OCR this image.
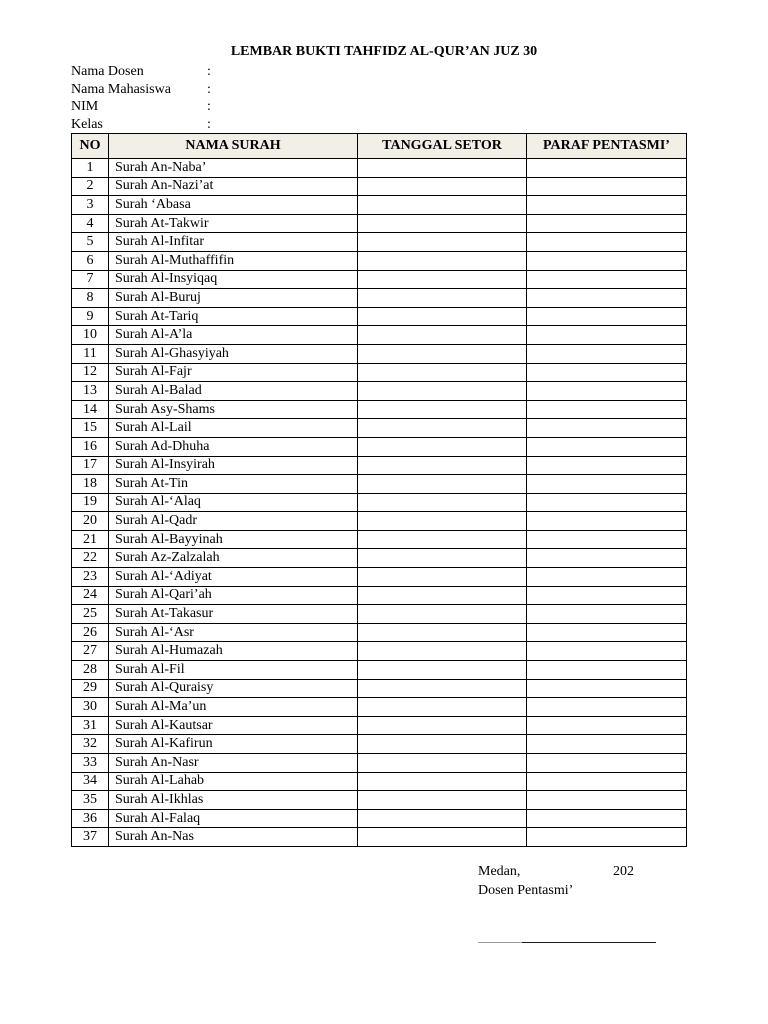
LEMBAR BUKTI TAHFIDZ AL-QUR’AN JUZ 30
Nama Dosen	:
Nama Mahasiswa	:
NIM	:
Kelas	:
NO	NAMA SURAH	TANGGAL SETOR	PARAF PENTASMI’
1	Surah An-Naba’		
2	Surah An-Nazi’at		
3	Surah ‘Abasa		
4	Surah At-Takwir		
5	Surah Al-Infitar		
6	Surah Al-Muthaffifin		
7	Surah Al-Insyiqaq		
8	Surah Al-Buruj		
9	Surah At-Tariq		
10	Surah Al-A’la		
11	Surah Al-Ghasyiyah		
12	Surah Al-Fajr		
13	Surah Al-Balad		
14	Surah Asy-Shams		
15	Surah Al-Lail		
16	Surah Ad-Dhuha		
17	Surah Al-Insyirah		
18	Surah At-Tin		
19	Surah Al-‘Alaq		
20	Surah Al-Qadr		
21	Surah Al-Bayyinah		
22	Surah Az-Zalzalah		
23	Surah Al-‘Adiyat		
24	Surah Al-Qari’ah		
25	Surah At-Takasur		
26	Surah Al-‘Asr		
27	Surah Al-Humazah		
28	Surah Al-Fil		
29	Surah Al-Quraisy		
30	Surah Al-Ma’un		
31	Surah Al-Kautsar		
32	Surah Al-Kafirun		
33	Surah An-Nasr		
34	Surah Al-Lahab		
35	Surah Al-Ikhlas		
36	Surah Al-Falaq		
37	Surah An-Nas		
Medan,	202
Dosen Pentasmi’
